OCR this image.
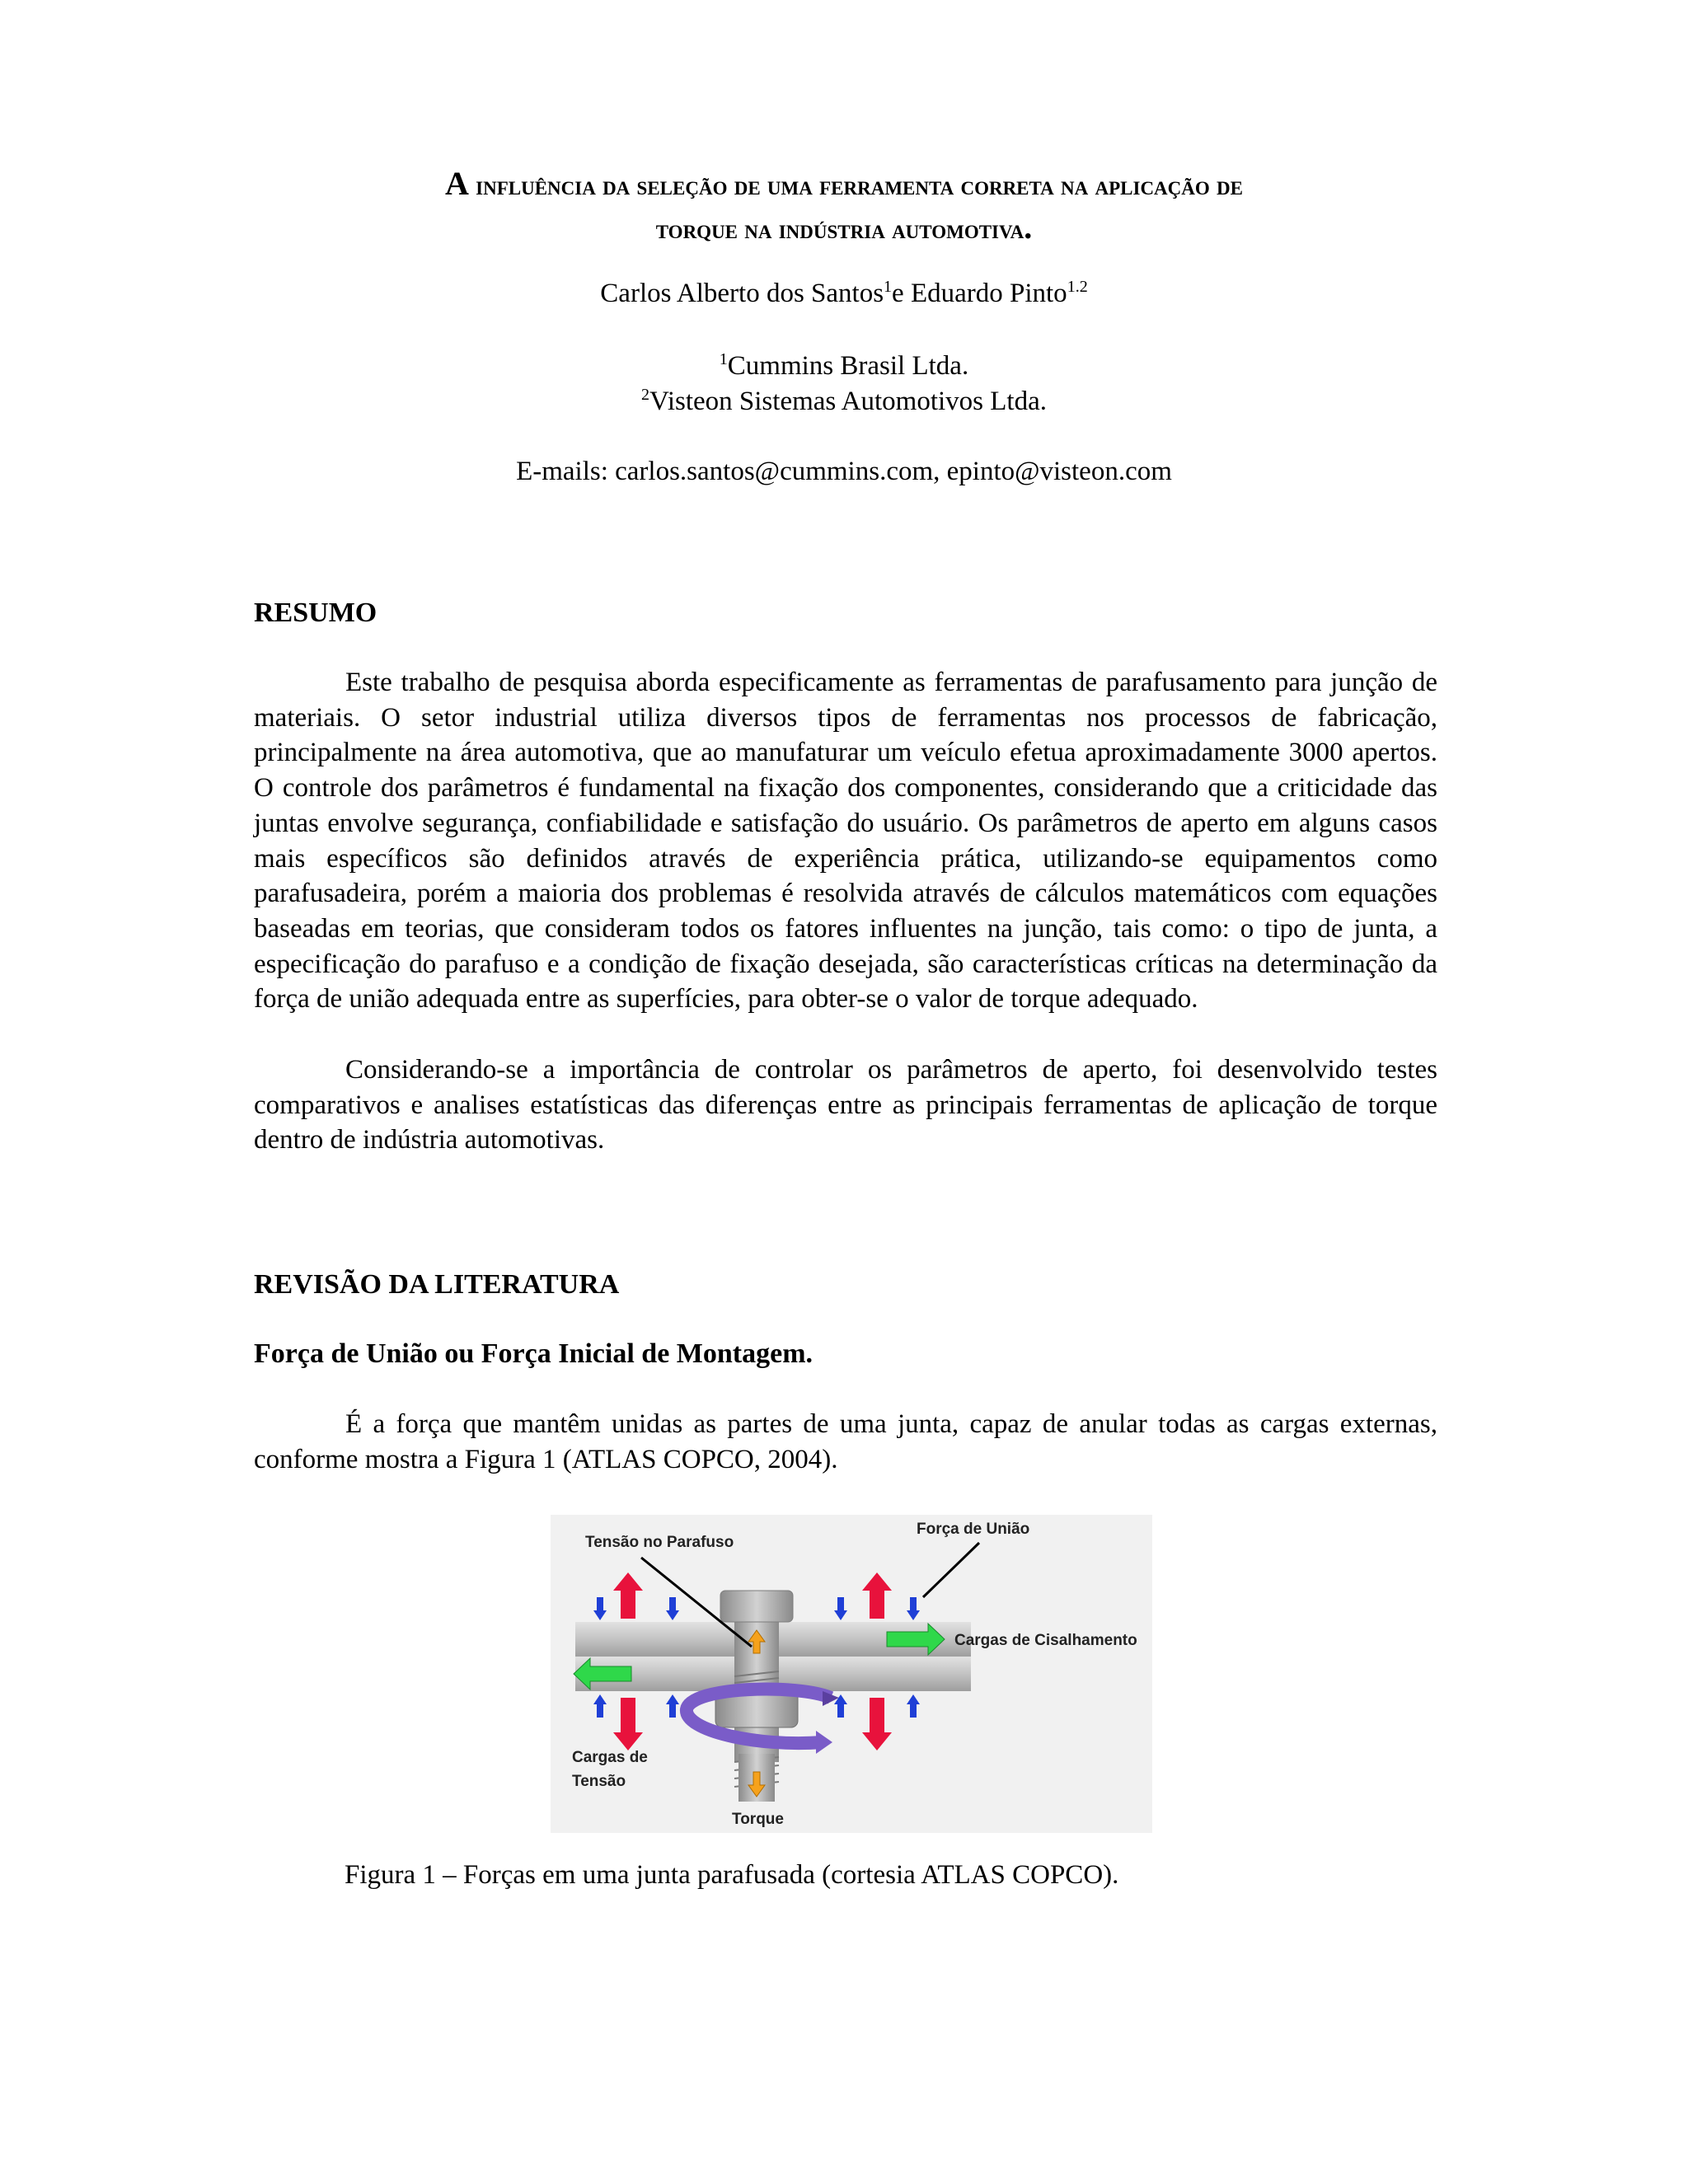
A influência da seleção de uma ferramenta correta na aplicação de
torque na indústria automotiva.
Carlos Alberto dos Santos$^1$e Eduardo Pinto$^{1.2}$
$^1$Cummins Brasil Ltda.
$^2$Visteon Sistemas Automotivos Ltda.
E-mails: carlos.santos@cummins.com, epinto@visteon.com
RESUMO
Este trabalho de pesquisa aborda especificamente as ferramentas de parafusamento para junção de materiais. O setor industrial utiliza diversos tipos de ferramentas nos processos de fabricação, principalmente na área automotiva, que ao manufaturar um veículo efetua aproximadamente 3000 apertos. O controle dos parâmetros é fundamental na fixação dos componentes, considerando que a criticidade das juntas envolve segurança, confiabilidade e satisfação do usuário. Os parâmetros de aperto em alguns casos mais específicos são definidos através de experiência prática, utilizando-se equipamentos como parafusadeira, porém a maioria dos problemas é resolvida através de cálculos matemáticos com equações baseadas em teorias, que consideram todos os fatores influentes na junção, tais como: o tipo de junta, a especificação do parafuso e a condição de fixação desejada, são características críticas na determinação da força de união adequada entre as superfícies, para obter-se o valor de torque adequado.
Considerando-se a importância de controlar os parâmetros de aperto, foi desenvolvido testes comparativos e analises estatísticas das diferenças entre as principais ferramentas de aplicação de torque dentro de indústria automotivas.
REVISÃO DA LITERATURA
Força de União ou Força Inicial de Montagem.
É a força que mantêm unidas as partes de uma junta, capaz de anular todas as cargas externas, conforme mostra a Figura 1 (ATLAS COPCO, 2004).
Tensão no Parafuso
Força de União
Cargas de Cisalhamento
Cargas de
Tensão
Torque
Figura 1 – Forças em uma junta parafusada (cortesia ATLAS COPCO).
